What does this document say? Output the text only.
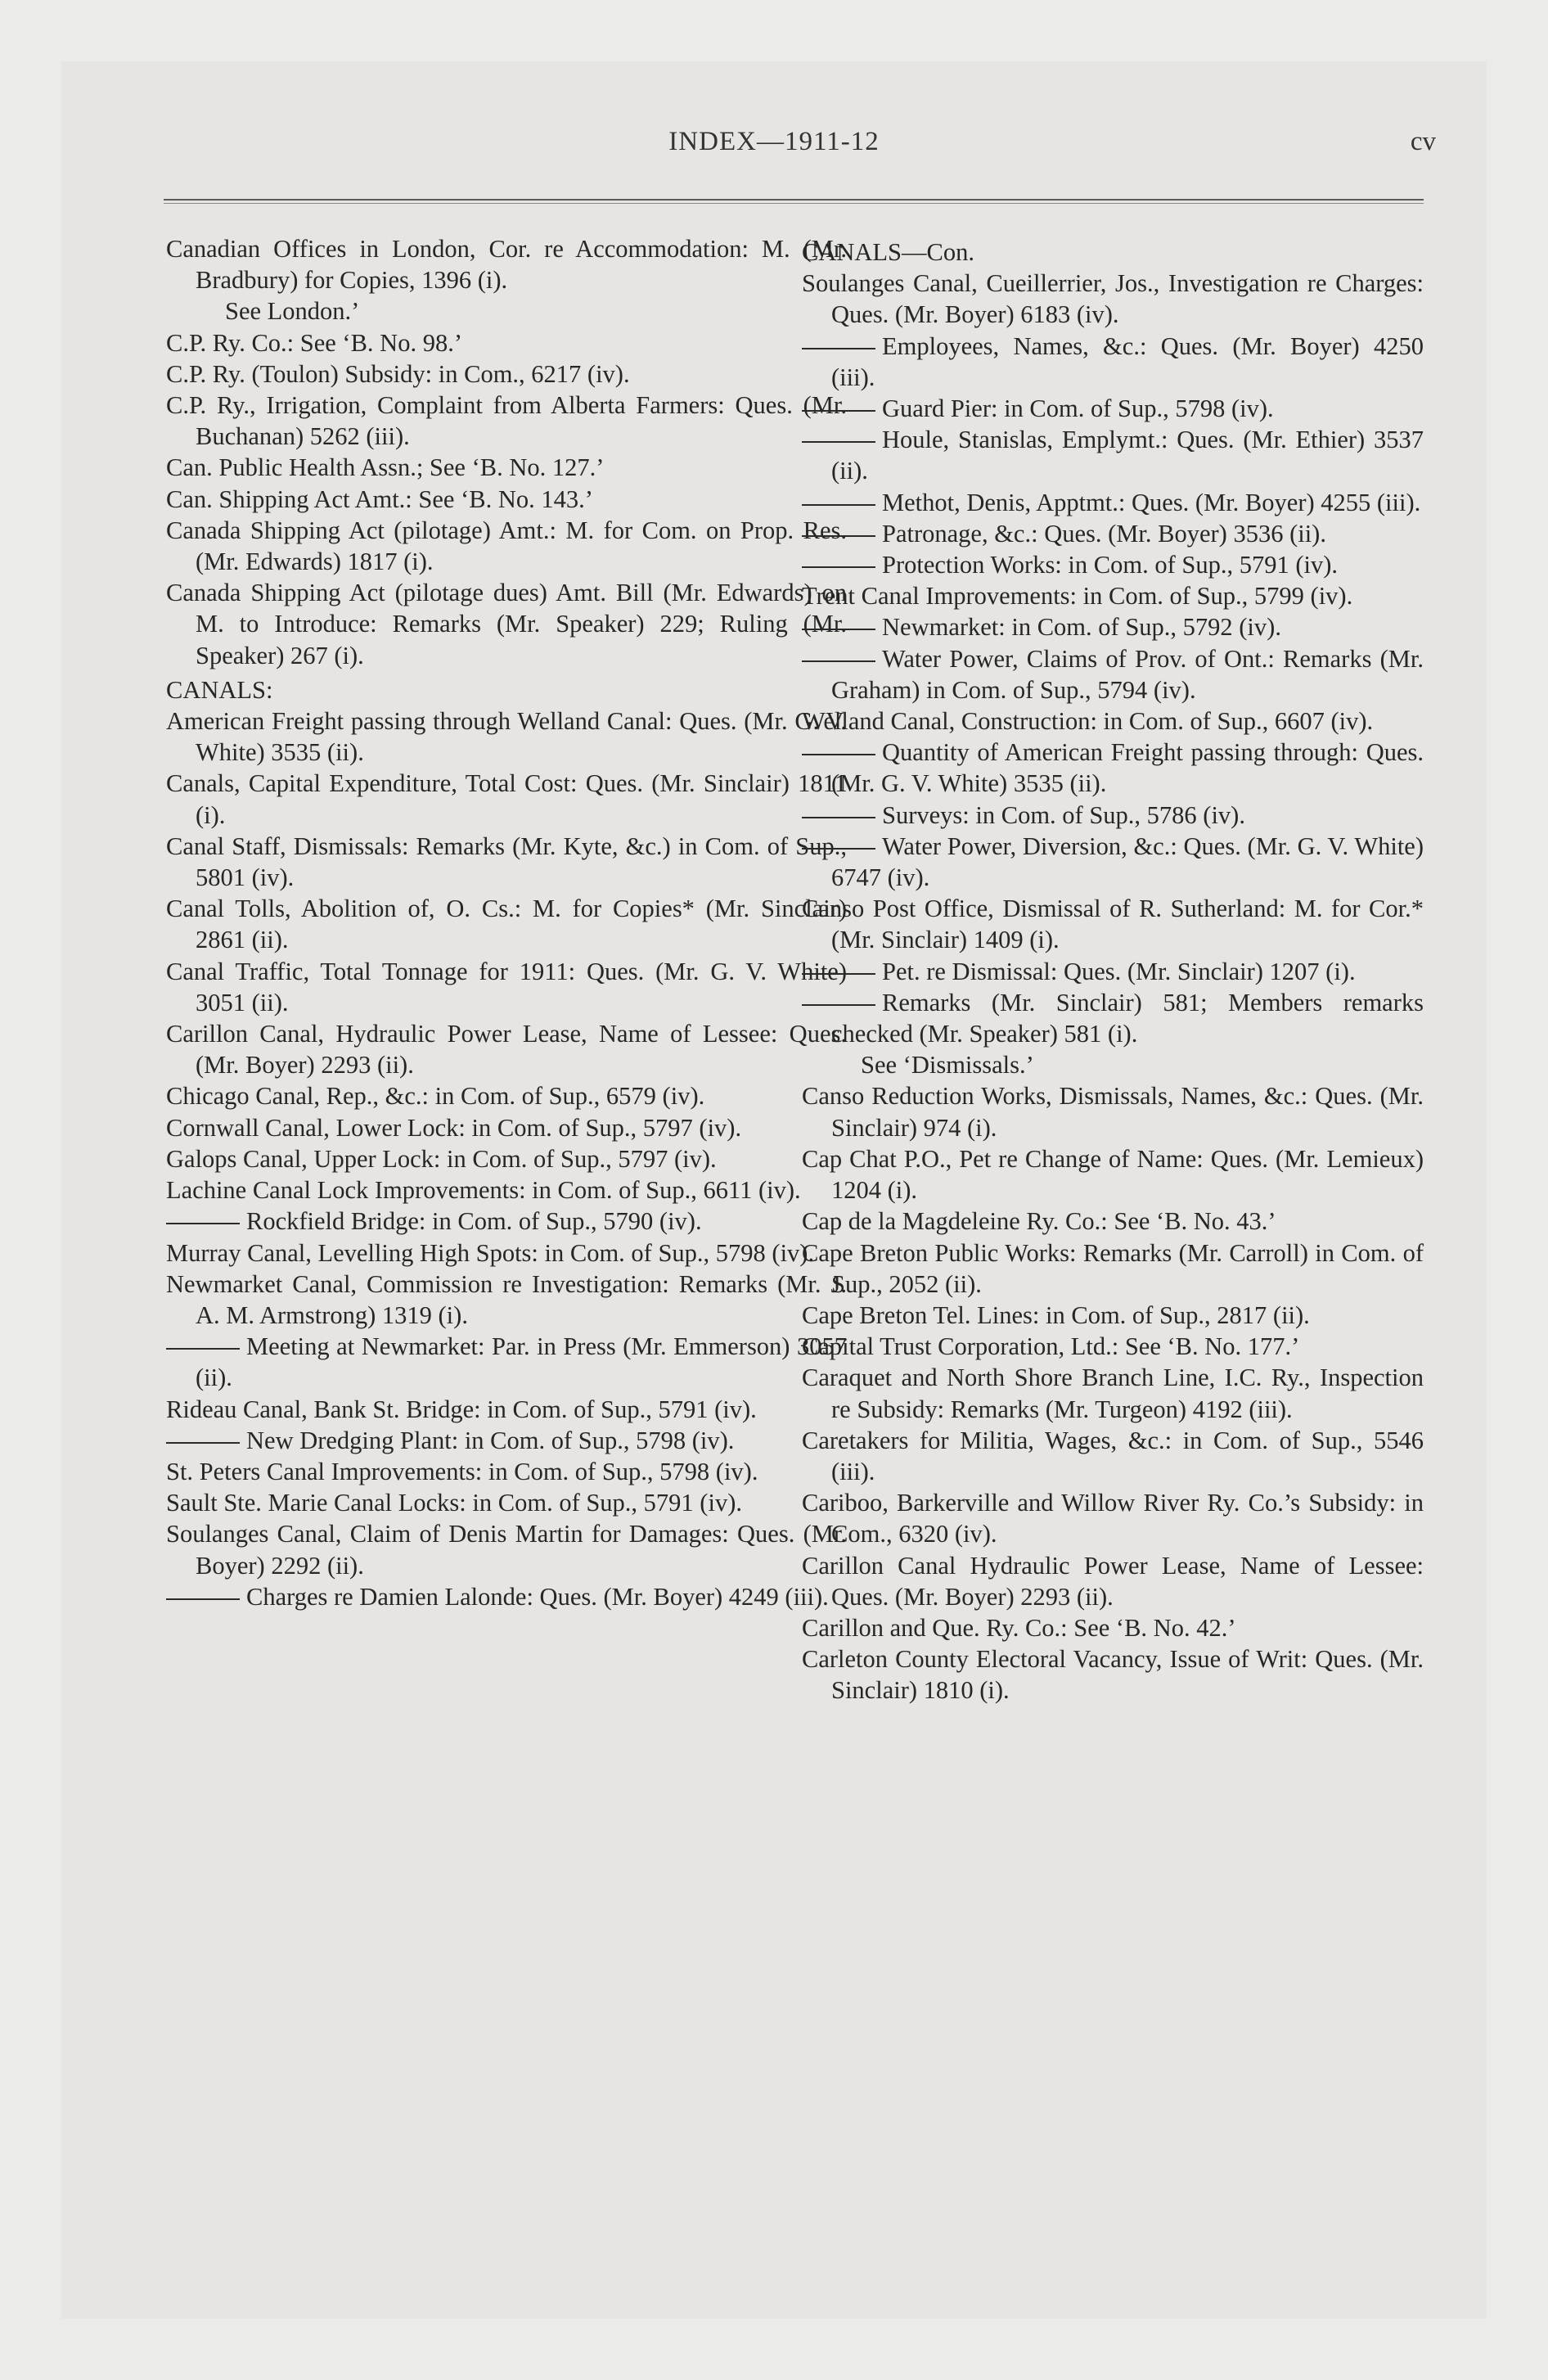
INDEX—1911-12	cv

Canadian Offices in London, Cor. re Accommodation: M. (Mr. Bradbury) for Copies, 1396 (i).

See London.’

C.P. Ry. Co.: See ‘B. No. 98.’

C.P. Ry. (Toulon) Subsidy: in Com., 6217 (iv).

C.P. Ry., Irrigation, Complaint from Alberta Farmers: Ques. (Mr. Buchanan) 5262 (iii).

Can. Public Health Assn.; See ‘B. No. 127.’

Can. Shipping Act Amt.: See ‘B. No. 143.’

Canada Shipping Act (pilotage) Amt.: M. for Com. on Prop. Res. (Mr. Edwards) 1817 (i).

Canada Shipping Act (pilotage dues) Amt. Bill (Mr. Edwards) on M. to Introduce: Remarks (Mr. Speaker) 229; Ruling (Mr. Speaker) 267 (i).

CANALS:

American Freight passing through Welland Canal: Ques. (Mr. G. V. White) 3535 (ii).

Canals, Capital Expenditure, Total Cost: Ques. (Mr. Sinclair) 1811 (i).

Canal Staff, Dismissals: Remarks (Mr. Kyte, &c.) in Com. of Sup., 5801 (iv).

Canal Tolls, Abolition of, O. Cs.: M. for Copies* (Mr. Sinclair) 2861 (ii).

Canal Traffic, Total Tonnage for 1911: Ques. (Mr. G. V. White) 3051 (ii).

Carillon Canal, Hydraulic Power Lease, Name of Lessee: Ques. (Mr. Boyer) 2293 (ii).

Chicago Canal, Rep., &c.: in Com. of Sup., 6579 (iv).

Cornwall Canal, Lower Lock: in Com. of Sup., 5797 (iv).

Galops Canal, Upper Lock: in Com. of Sup., 5797 (iv).

Lachine Canal Lock Improvements: in Com. of Sup., 6611 (iv).

Rockfield Bridge: in Com. of Sup., 5790 (iv).

Murray Canal, Levelling High Spots: in Com. of Sup., 5798 (iv).

Newmarket Canal, Commission re Investigation: Remarks (Mr. J. A. M. Armstrong) 1319 (i).

Meeting at Newmarket: Par. in Press (Mr. Emmerson) 3057 (ii).

Rideau Canal, Bank St. Bridge: in Com. of Sup., 5791 (iv).

New Dredging Plant: in Com. of Sup., 5798 (iv).

St. Peters Canal Improvements: in Com. of Sup., 5798 (iv).

Sault Ste. Marie Canal Locks: in Com. of Sup., 5791 (iv).

Soulanges Canal, Claim of Denis Martin for Damages: Ques. (Mr. Boyer) 2292 (ii).

Charges re Damien Lalonde: Ques. (Mr. Boyer) 4249 (iii).

CANALS—Con.

Soulanges Canal, Cueillerrier, Jos., Investigation re Charges: Ques. (Mr. Boyer) 6183 (iv).

Employees, Names, &c.: Ques. (Mr. Boyer) 4250 (iii).

Guard Pier: in Com. of Sup., 5798 (iv).

Houle, Stanislas, Emplymt.: Ques. (Mr. Ethier) 3537 (ii).

Methot, Denis, Apptmt.: Ques. (Mr. Boyer) 4255 (iii).

Patronage, &c.: Ques. (Mr. Boyer) 3536 (ii).

Protection Works: in Com. of Sup., 5791 (iv).

Trent Canal Improvements: in Com. of Sup., 5799 (iv).

Newmarket: in Com. of Sup., 5792 (iv).

Water Power, Claims of Prov. of Ont.: Remarks (Mr. Graham) in Com. of Sup., 5794 (iv).

Welland Canal, Construction: in Com. of Sup., 6607 (iv).

Quantity of American Freight passing through: Ques. (Mr. G. V. White) 3535 (ii).

Surveys: in Com. of Sup., 5786 (iv).

Water Power, Diversion, &c.: Ques. (Mr. G. V. White) 6747 (iv).

Canso Post Office, Dismissal of R. Sutherland: M. for Cor.* (Mr. Sinclair) 1409 (i).

Pet. re Dismissal: Ques. (Mr. Sinclair) 1207 (i).

Remarks (Mr. Sinclair) 581; Members remarks checked (Mr. Speaker) 581 (i).

See ‘Dismissals.’

Canso Reduction Works, Dismissals, Names, &c.: Ques. (Mr. Sinclair) 974 (i).

Cap Chat P.O., Pet re Change of Name: Ques. (Mr. Lemieux) 1204 (i).

Cap de la Magdeleine Ry. Co.: See ‘B. No. 43.’

Cape Breton Public Works: Remarks (Mr. Carroll) in Com. of Sup., 2052 (ii).

Cape Breton Tel. Lines: in Com. of Sup., 2817 (ii).

Capital Trust Corporation, Ltd.: See ‘B. No. 177.’

Caraquet and North Shore Branch Line, I.C. Ry., Inspection re Subsidy: Remarks (Mr. Turgeon) 4192 (iii).

Caretakers for Militia, Wages, &c.: in Com. of Sup., 5546 (iii).

Cariboo, Barkerville and Willow River Ry. Co.’s Subsidy: in Com., 6320 (iv).

Carillon Canal Hydraulic Power Lease, Name of Lessee: Ques. (Mr. Boyer) 2293 (ii).

Carillon and Que. Ry. Co.: See ‘B. No. 42.’

Carleton County Electoral Vacancy, Issue of Writ: Ques. (Mr. Sinclair) 1810 (i).
